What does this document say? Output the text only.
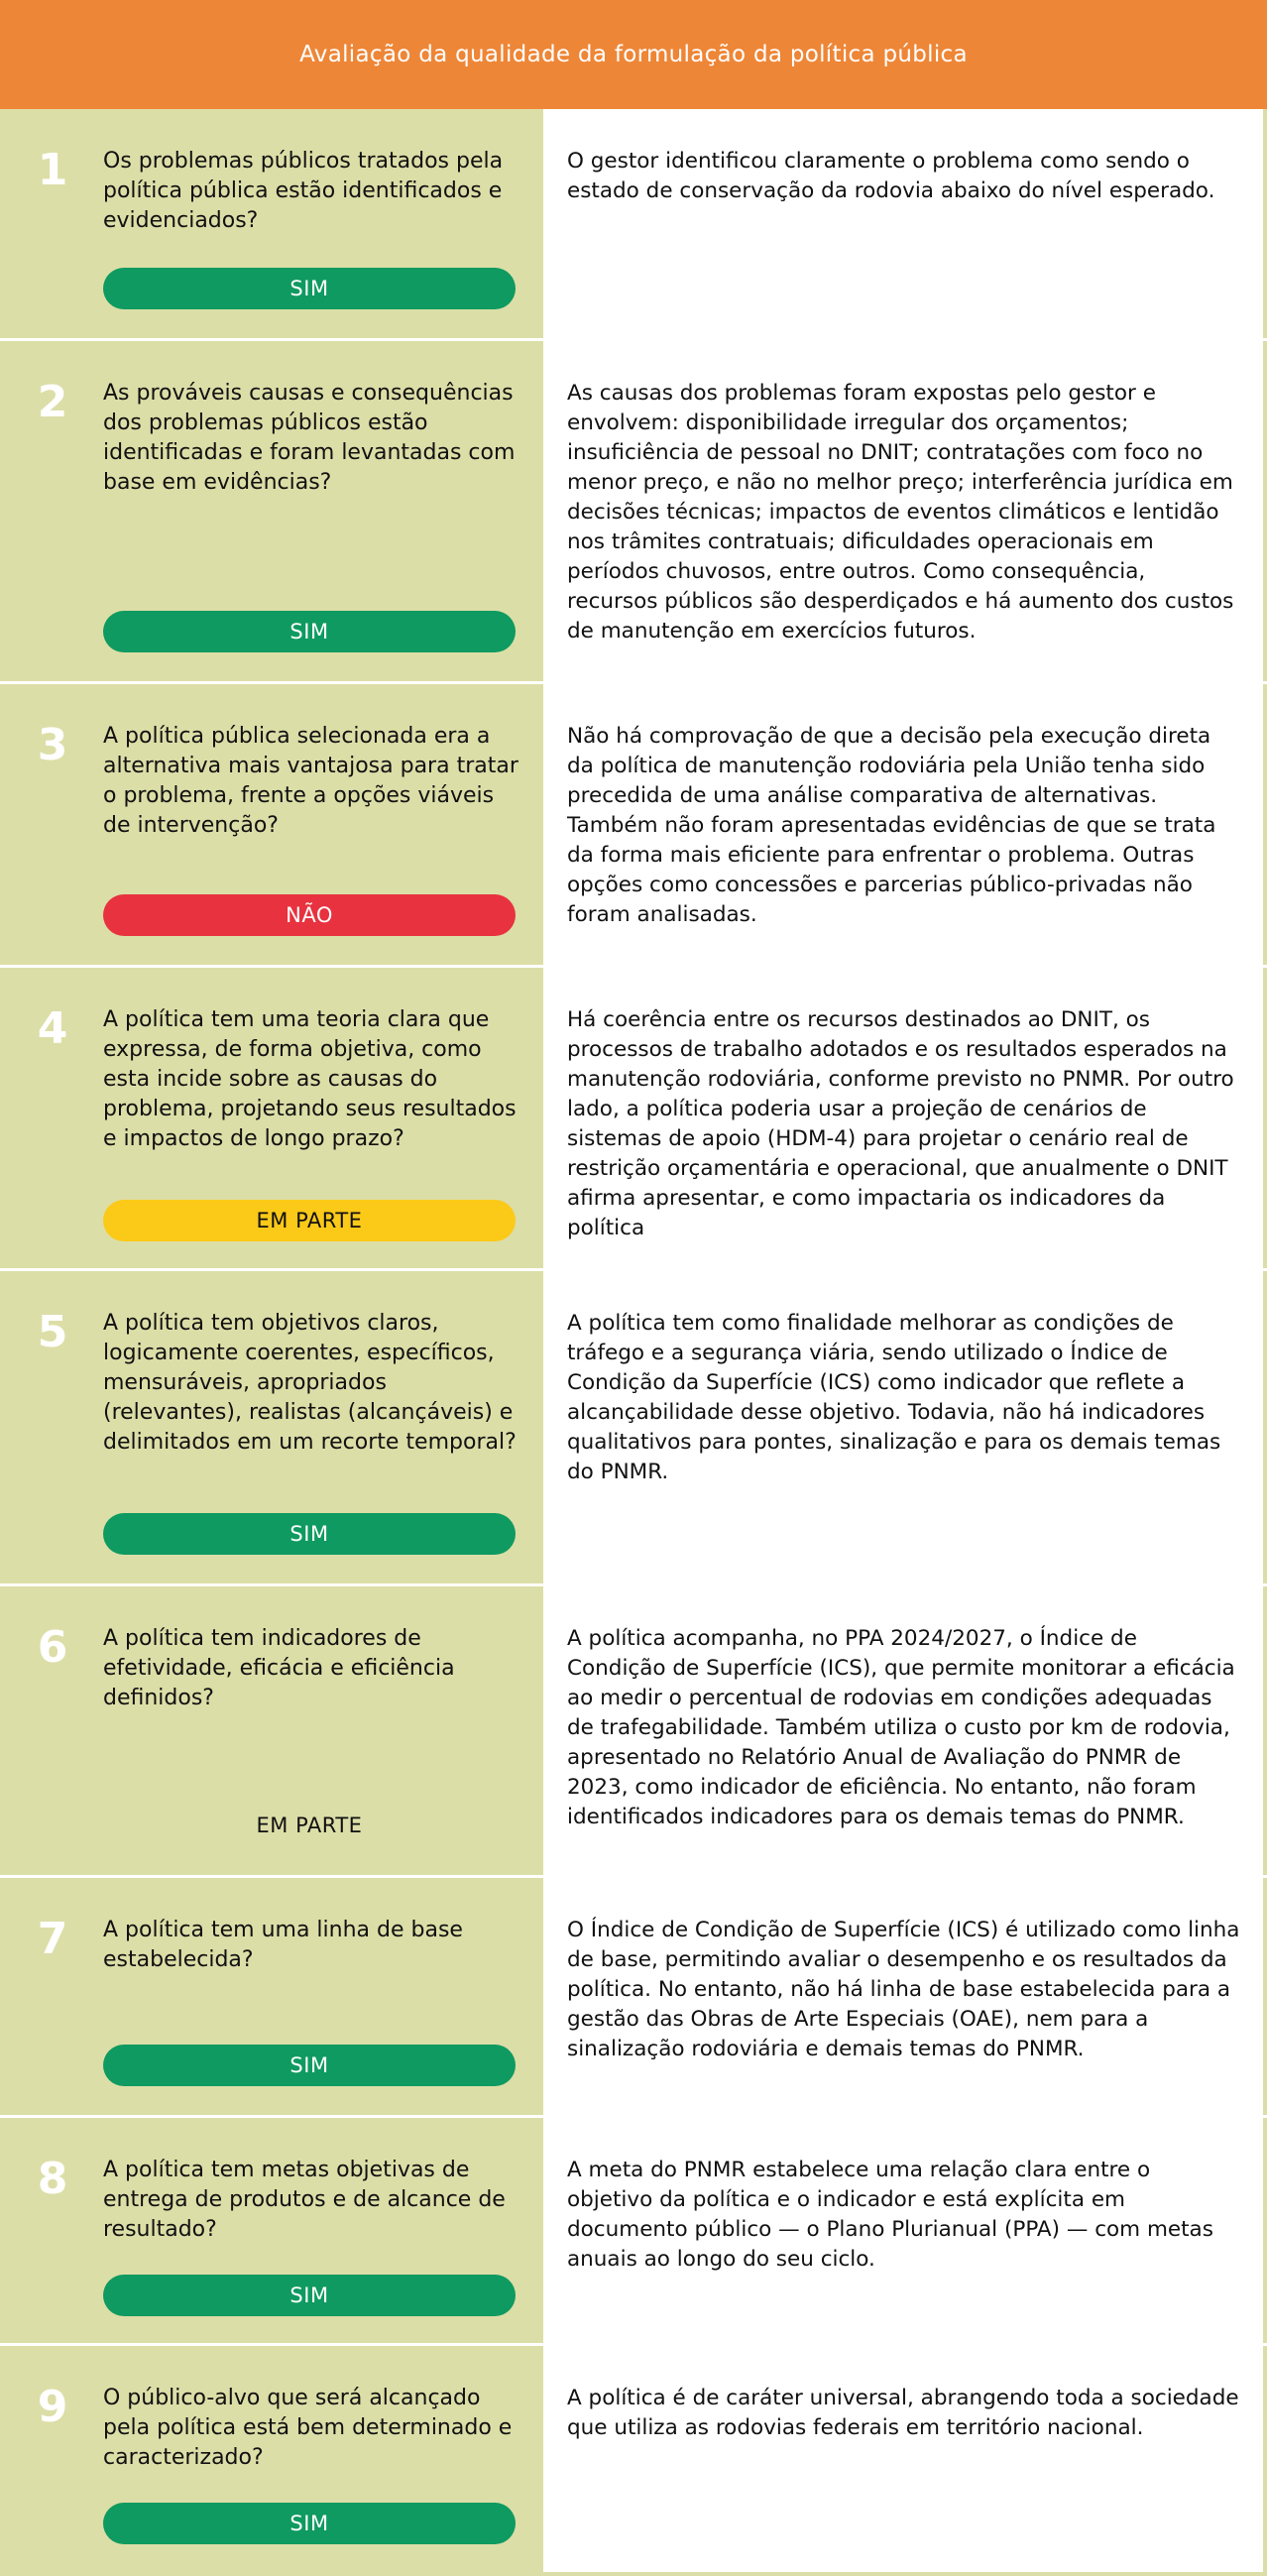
Avaliação da qualidade da formulação da política pública
1	Os problemas públicos tratados pela política pública estão identificados e evidenciados?
SIM
O gestor identificou claramente o problema como sendo o estado de conservação da rodovia abaixo do nível esperado.
2	As prováveis causas e consequências dos problemas públicos estão identificadas e foram levantadas com base em evidências?
SIM
As causas dos problemas foram expostas pelo gestor e envolvem: disponibilidade irregular dos orçamentos; insuficiência de pessoal no DNIT; contratações com foco no menor preço, e não no melhor preço; interferência jurídica em decisões técnicas; impactos de eventos climáticos e lentidão nos trâmites contratuais; dificuldades operacionais em períodos chuvosos, entre outros. Como consequência, recursos públicos são desperdiçados e há aumento dos custos de manutenção em exercícios futuros.
3	A política pública selecionada era a alternativa mais vantajosa para tratar o problema, frente a opções viáveis de intervenção?
NÃO
Não há comprovação de que a decisão pela execução direta da política de manutenção rodoviária pela União tenha sido precedida de uma análise comparativa de alternativas. Também não foram apresentadas evidências de que se trata da forma mais eficiente para enfrentar o problema. Outras opções como concessões e parcerias público-privadas não foram analisadas.
4	A política tem uma teoria clara que expressa, de forma objetiva, como esta incide sobre as causas do problema, projetando seus resultados e impactos de longo prazo?
EM PARTE
Há coerência entre os recursos destinados ao DNIT, os processos de trabalho adotados e os resultados esperados na manutenção rodoviária, conforme previsto no PNMR. Por outro lado, a política poderia usar a projeção de cenários de sistemas de apoio (HDM-4) para projetar o cenário real de restrição orçamentária e operacional, que anualmente o DNIT afirma apresentar, e como impactaria os indicadores da política
5	A política tem objetivos claros, logicamente coerentes, específicos, mensuráveis, apropriados (relevantes), realistas (alcançáveis) e delimitados em um recorte temporal?
SIM
A política tem como finalidade melhorar as condições de tráfego e a segurança viária, sendo utilizado o Índice de Condição da Superfície (ICS) como indicador que reflete a alcançabilidade desse objetivo. Todavia, não há indicadores qualitativos para pontes, sinalização e para os demais temas do PNMR.
6	A política tem indicadores de efetividade, eficácia e eficiência definidos?
EM PARTE
A política acompanha, no PPA 2024/2027, o Índice de Condição de Superfície (ICS), que permite monitorar a eficácia ao medir o percentual de rodovias em condições adequadas de trafegabilidade. Também utiliza o custo por km de rodovia, apresentado no Relatório Anual de Avaliação do PNMR de 2023, como indicador de eficiência. No entanto, não foram identificados indicadores para os demais temas do PNMR.
7	A política tem uma linha de base estabelecida?
SIM
O Índice de Condição de Superfície (ICS) é utilizado como linha de base, permitindo avaliar o desempenho e os resultados da política. No entanto, não há linha de base estabelecida para a gestão das Obras de Arte Especiais (OAE), nem para a sinalização rodoviária e demais temas do PNMR.
8	A política tem metas objetivas de entrega de produtos e de alcance de resultado?
SIM
A meta do PNMR estabelece uma relação clara entre o objetivo da política e o indicador e está explícita em documento público — o Plano Plurianual (PPA) — com metas anuais ao longo do seu ciclo.
9	O público-alvo que será alcançado pela política está bem determinado e caracterizado?
SIM
A política é de caráter universal, abrangendo toda a sociedade que utiliza as rodovias federais em território nacional.
